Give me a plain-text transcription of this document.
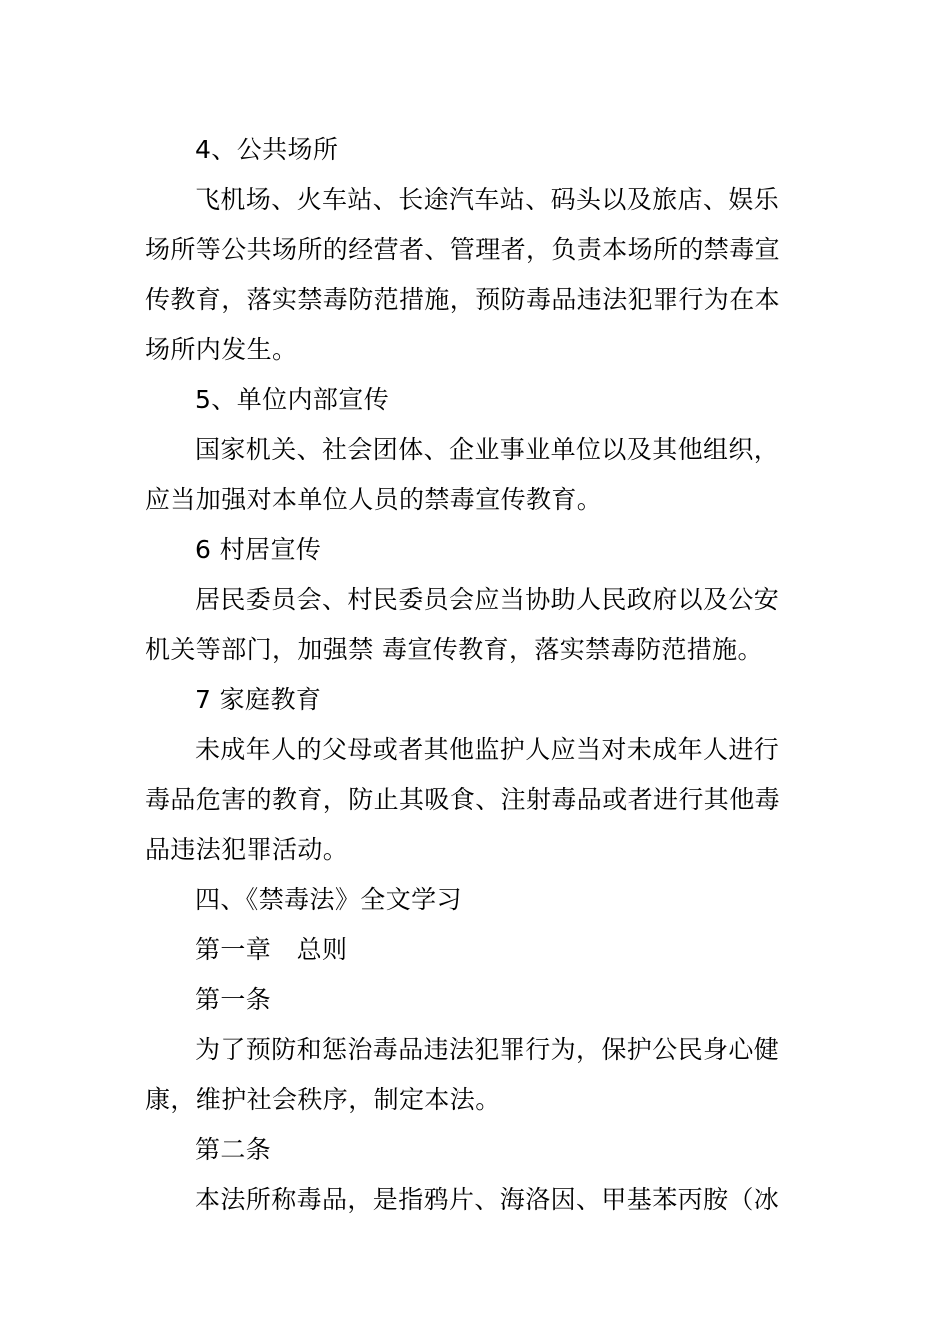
4、公共场所
飞机场、火车站、长途汽车站、码头以及旅店、娱乐
场所等公共场所的经营者、管理者，负责本场所的禁毒宣
传教育，落实禁毒防范措施，预防毒品违法犯罪行为在本
场所内发生。
5、单位内部宣传
国家机关、社会团体、企业事业单位以及其他组织，
应当加强对本单位人员的禁毒宣传教育。
6 村居宣传
居民委员会、村民委员会应当协助人民政府以及公安
机关等部门，加强禁 毒宣传教育，落实禁毒防范措施。
7 家庭教育
未成年人的父母或者其他监护人应当对未成年人进行
毒品危害的教育，防止其吸食、注射毒品或者进行其他毒
品违法犯罪活动。
四、《禁毒法》全文学习
第一章　总则
第一条
为了预防和惩治毒品违法犯罪行为，保护公民身心健
康，维护社会秩序，制定本法。
第二条
本法所称毒品，是指鸦片、海洛因、甲基苯丙胺（冰
